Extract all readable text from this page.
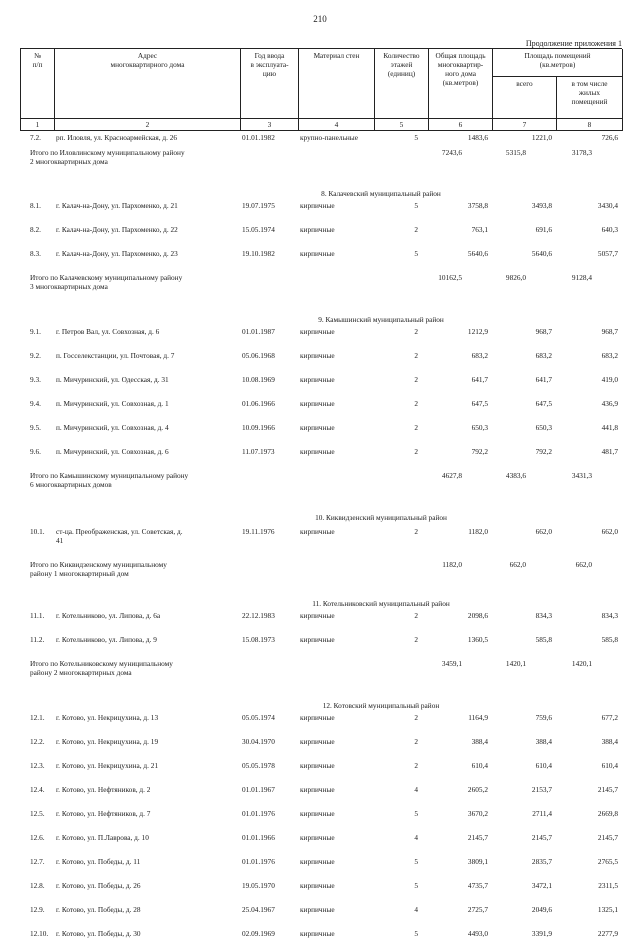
210
Продолжение приложения 1
№
п/п
Адрес
многоквартирного дома
Год ввода
в эксплуата-
цию
Материал стен	Количество
этажей
(единиц)
Общая площадь
многоквартир-
ного дома
(кв.метров)
Площадь помещений
(кв.метров)
всего	в том числе
жилых
помещений
1	2	3	4	5	6	7	8
7.2.	рп. Иловля, ул. Красноармейская, д. 26	01.01.1982	крупно-панельные	5	1483,6	1221,0	726,6
Итого по Иловлинскому муниципальному району
2 многоквартирных дома
7243,6	5315,8	3178,3
8. Калачевский муниципальный район
8.1.	г. Калач-на-Дону, ул. Пархоменко, д. 21	19.07.1975	кирпичные	5	3758,8	3493,8	3430,4
8.2.	г. Калач-на-Дону, ул. Пархоменко, д. 22	15.05.1974	кирпичные	2	763,1	691,6	640,3
8.3.	г. Калач-на-Дону, ул. Пархоменко, д. 23	19.10.1982	кирпичные	5	5640,6	5640,6	5057,7
Итого по Калачевскому муниципальному району
3 многоквартирных дома
10162,5	9826,0	9128,4
9. Камышинский муниципальный район
9.1.	г. Петров Вал, ул. Совхозная, д. 6	01.01.1987	кирпичные	2	1212,9	968,7	968,7
9.2.	п. Госселекстанции, ул. Почтовая, д. 7	05.06.1968	кирпичные	2	683,2	683,2	683,2
9.3.	п. Мичуринский, ул. Одесская, д. 31	10.08.1969	кирпичные	2	641,7	641,7	419,0
9.4.	п. Мичуринский, ул. Совхозная, д. 1	01.06.1966	кирпичные	2	647,5	647,5	436,9
9.5.	п. Мичуринский, ул. Совхозная, д. 4	10.09.1966	кирпичные	2	650,3	650,3	441,8
9.6.	п. Мичуринский, ул. Совхозная, д. 6	11.07.1973	кирпичные	2	792,2	792,2	481,7
Итого по Камышинскому муниципальному району
6 многоквартирных домов
4627,8	4383,6	3431,3
10. Киквидзенский муниципальный район
10.1.	ст-ца. Преображенская, ул. Советская, д.
41
19.11.1976	кирпичные	2	1182,0	662,0	662,0
Итого по Киквидзенскому муниципальному
району 1 многоквартирный дом
1182,0	662,0	662,0
11. Котельниковский муниципальный район
11.1.	г. Котельниково, ул. Липова, д. 6а	22.12.1983	кирпичные	2	2098,6	834,3	834,3
11.2.	г. Котельниково, ул. Липова, д. 9	15.08.1973	кирпичные	2	1360,5	585,8	585,8
Итого по Котельниковскому муниципальному
району 2 многоквартирных дома
3459,1	1420,1	1420,1
12. Котовский муниципальный район
12.1.	г. Котово, ул. Некрицухина, д. 13	05.05.1974	кирпичные	2	1164,9	759,6	677,2
12.2.	г. Котово, ул. Некрицухина, д. 19	30.04.1970	кирпичные	2	388,4	388,4	388,4
12.3.	г. Котово, ул. Некрицухина, д. 21	05.05.1978	кирпичные	2	610,4	610,4	610,4
12.4.	г. Котово, ул. Нефтяников, д. 2	01.01.1967	кирпичные	4	2605,2	2153,7	2145,7
12.5.	г. Котово, ул. Нефтяников, д. 7	01.01.1976	кирпичные	5	3670,2	2711,4	2669,8
12.6.	г. Котово, ул. П.Лаврова, д. 10	01.01.1966	кирпичные	4	2145,7	2145,7	2145,7
12.7.	г. Котово, ул. Победы, д. 11	01.01.1976	кирпичные	5	3809,1	2835,7	2765,5
12.8.	г. Котово, ул. Победы, д. 26	19.05.1970	кирпичные	5	4735,7	3472,1	2311,5
12.9.	г. Котово, ул. Победы, д. 28	25.04.1967	кирпичные	4	2725,7	2049,6	1325,1
12.10.	г. Котово, ул. Победы, д. 30	02.09.1969	кирпичные	5	4493,0	3391,9	2277,9
